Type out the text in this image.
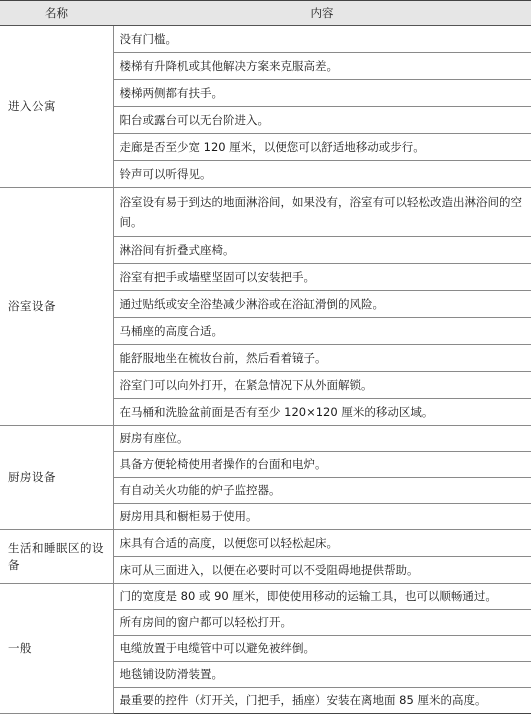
名称	内容
进入公寓	没有门槛。
	楼梯有升降机或其他解决方案来克服高差。
	楼梯两侧都有扶手。
	阳台或露台可以无台阶进入。
	走廊是否至少宽 120 厘米，以便您可以舒适地移动或步行。
	铃声可以听得见。
浴室设备	浴室设有易于到达的地面淋浴间，如果没有，浴室有可以轻松改造出淋浴间的空间。
	淋浴间有折叠式座椅。
	浴室有把手或墙壁坚固可以安装把手。
	通过贴纸或安全浴垫减少淋浴或在浴缸滑倒的风险。
	马桶座的高度合适。
	能舒服地坐在梳妆台前，然后看着镜子。
	浴室门可以向外打开，在紧急情况下从外面解锁。
	在马桶和洗脸盆前面是否有至少 120×120 厘米的移动区域。
厨房设备	厨房有座位。
	具备方便轮椅使用者操作的台面和电炉。
	有自动关火功能的炉子监控器。
	厨房用具和橱柜易于使用。
生活和睡眠区的设备	床具有合适的高度，以便您可以轻松起床。
	床可从三面进入，以便在必要时可以不受阻碍地提供帮助。
一般	门的宽度是 80 或 90 厘米，即使使用移动的运输工具，也可以顺畅通过。
	所有房间的窗户都可以轻松打开。
	电缆放置于电缆管中可以避免被绊倒。
	地毯铺设防滑装置。
	最重要的控件（灯开关，门把手，插座）安装在离地面 85 厘米的高度。
